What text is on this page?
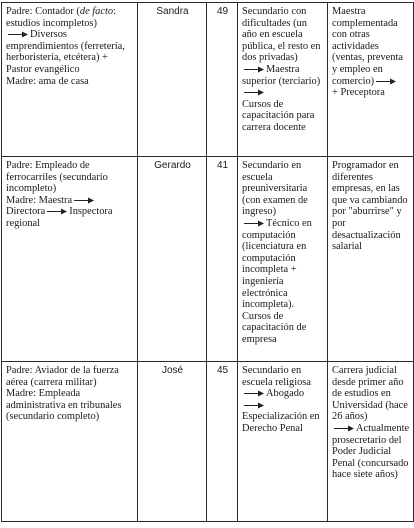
Padre: Contador (de facto: estudios incompletos)

Diversos emprendimientos (ferretería, herboristería, etcétera) + Pastor evangélico
Madre: ama de casa	Sandra	49	Secundario con dificultades (un año en escuela pública, el resto en dos privadas)
Maestra superior (terciario)

Cursos de capacitación para carrera docente	Maestra complementada con otras actividades (ventas, preventa y empleo en comercio)

+ Preceptora
Padre: Empleado de ferrocarriles (secundario incompleto)
Madre: Maestra

Directora Inspectora regional	Gerardo	41	Secundario en escuela preuniversitaria (con examen de ingreso)

Técnico en computación (licenciatura en computación incompleta + ingeniería electrónica incompleta).
Cursos de capacitación de empresa	Programador en diferentes empresas, en las que va cambiando por "aburrirse" y por desactualización salarial
Padre: Aviador de la fuerza aérea (carrera militar)
Madre: Empleada administrativa en tribunales (secundario completo)	José	45	Secundario en escuela religiosa

Abogado

Especialización en Derecho Penal	Carrera judicial desde primer año de estudios en Universidad (hace 26 años)

Actualmente prosecretario del Poder Judicial Penal (concursado hace siete años)
